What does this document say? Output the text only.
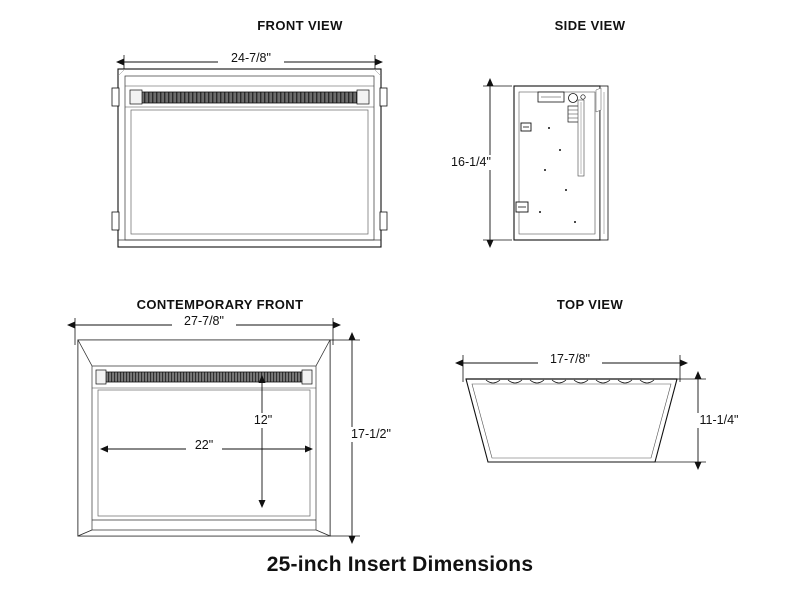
FRONT VIEW	SIDE VIEW
CONTEMPORARY FRONT	TOP VIEW
24-7/8"
16-1/4"
27-7/8"
22"
12"
17-1/2"
17-7/8"
11-1/4"
25-inch Insert Dimensions
